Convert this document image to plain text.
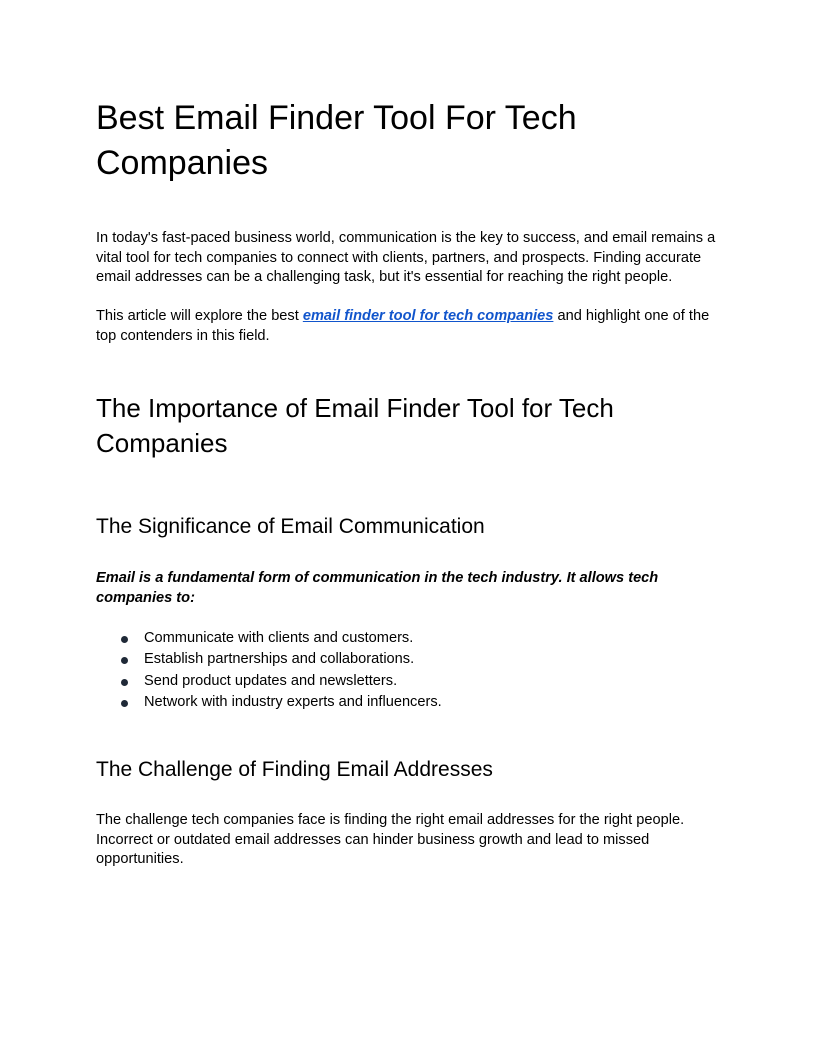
Best Email Finder Tool For Tech Companies

In today's fast-paced business world, communication is the key to success, and email remains a vital tool for tech companies to connect with clients, partners, and prospects. Finding accurate email addresses can be a challenging task, but it's essential for reaching the right people.

This article will explore the best email finder tool for tech companies and highlight one of the top contenders in this field.

The Importance of Email Finder Tool for Tech Companies
The Significance of Email Communication

Email is a fundamental form of communication in the tech industry. It allows tech companies to:

Communicate with clients and customers.
Establish partnerships and collaborations.
Send product updates and newsletters.
Network with industry experts and influencers.
The Challenge of Finding Email Addresses

The challenge tech companies face is finding the right email addresses for the right people. Incorrect or outdated email addresses can hinder business growth and lead to missed opportunities.
